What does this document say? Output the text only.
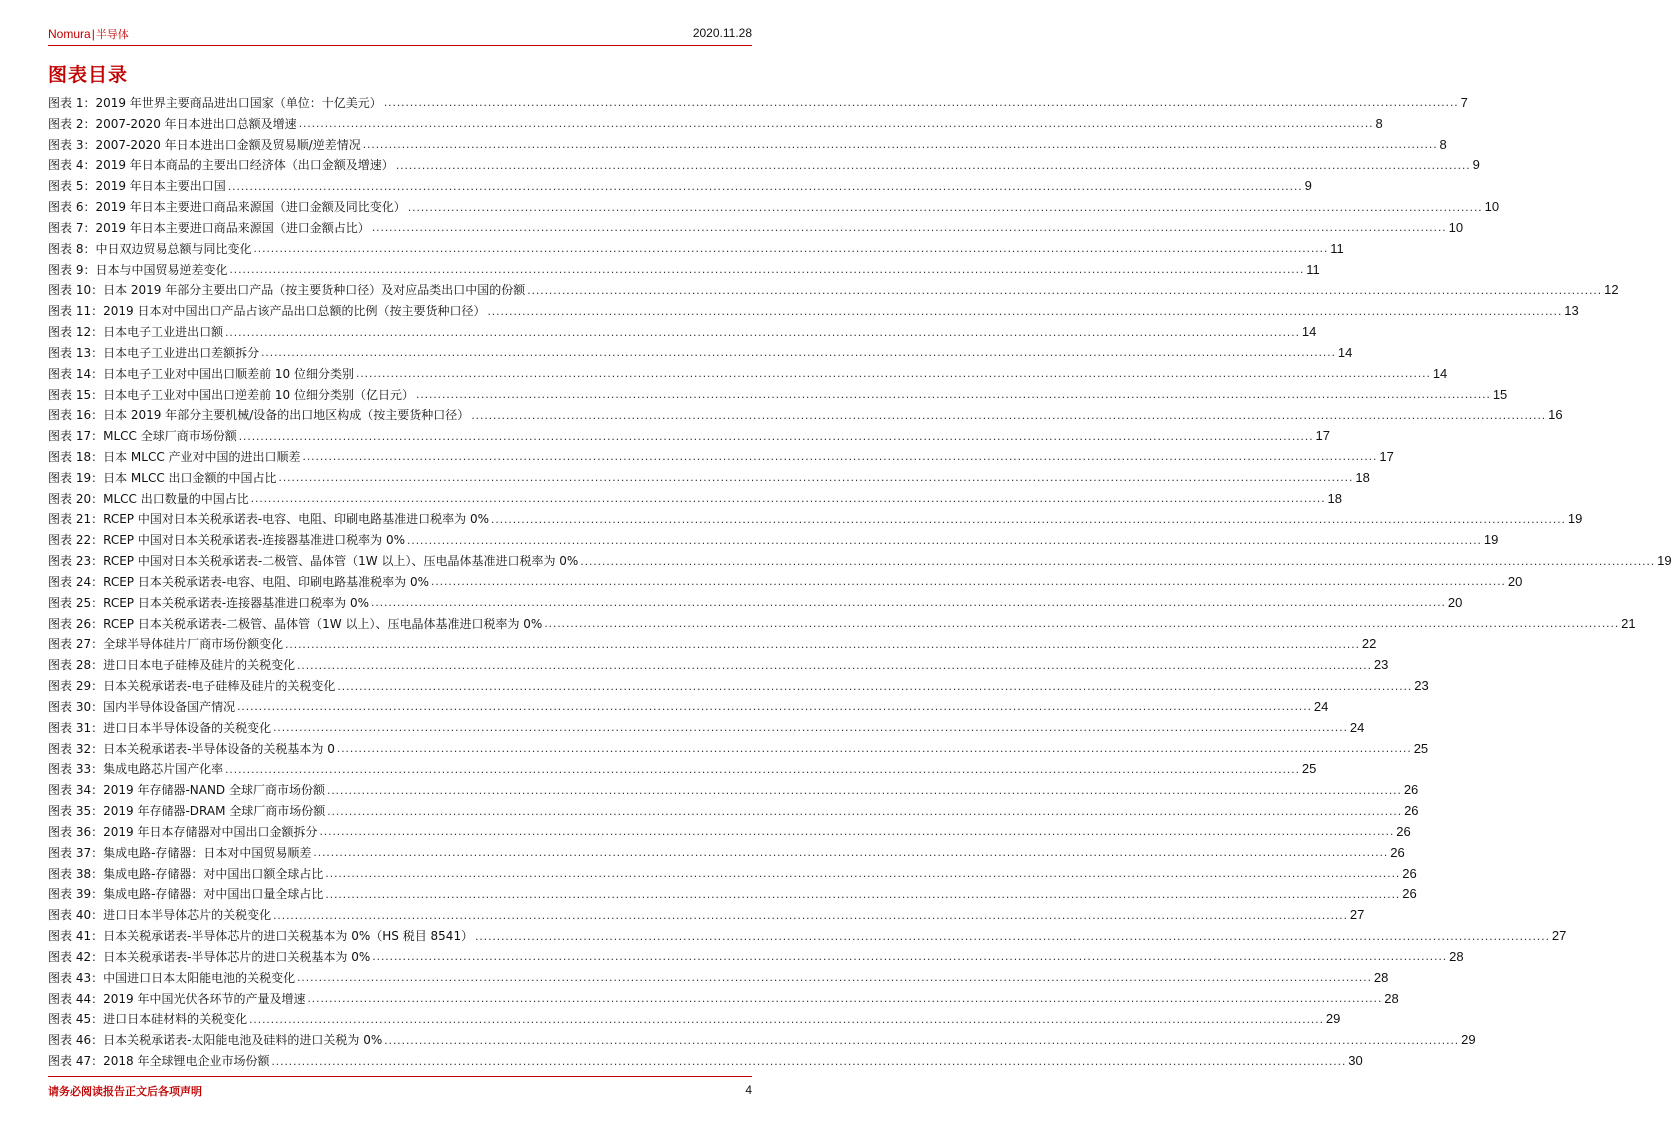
Nomura|半导体	2020.11.28
图表目录
图表 1：2019 年世界主要商品进出口国家（单位：十亿美元） .....	7
图表 2：2007-2020 年日本进出口总额及增速 .....	8
图表 3：2007-2020 年日本进出口金额及贸易顺/逆差情况 .....	8
图表 4：2019 年日本商品的主要出口经济体（出口金额及增速） .....	9
图表 5：2019 年日本主要出口国 .....	9
图表 6：2019 年日本主要进口商品来源国（进口金额及同比变化） .....	10
图表 7：2019 年日本主要进口商品来源国（进口金额占比） .....	10
图表 8：中日双边贸易总额与同比变化 .....	11
图表 9：日本与中国贸易逆差变化 .....	11
图表 10：日本 2019 年部分主要出口产品（按主要货种口径）及对应品类出口中国的份额 .....	12
图表 11：2019 日本对中国出口产品占该产品出口总额的比例（按主要货种口径） .....	13
图表 12：日本电子工业进出口额 .....	14
图表 13：日本电子工业进出口差额拆分 .....	14
图表 14：日本电子工业对中国出口顺差前 10 位细分类别 .....	14
图表 15：日本电子工业对中国出口逆差前 10 位细分类别（亿日元） .....	15
图表 16：日本 2019 年部分主要机械/设备的出口地区构成（按主要货种口径） .....	16
图表 17：MLCC 全球厂商市场份额 .....	17
图表 18：日本 MLCC 产业对中国的进出口顺差 .....	17
图表 19：日本 MLCC 出口金额的中国占比 .....	18
图表 20：MLCC 出口数量的中国占比 .....	18
图表 21：RCEP 中国对日本关税承诺表-电容、电阻、印刷电路基准进口税率为 0% .....	19
图表 22：RCEP 中国对日本关税承诺表-连接器基准进口税率为 0% .....	19
图表 23：RCEP 中国对日本关税承诺表-二极管、晶体管（1W 以上）、压电晶体基准进口税率为 0% .....	19
图表 24：RCEP 日本关税承诺表-电容、电阻、印刷电路基准税率为 0% .....	20
图表 25：RCEP 日本关税承诺表-连接器基准进口税率为 0% .....	20
图表 26：RCEP 日本关税承诺表-二极管、晶体管（1W 以上）、压电晶体基准进口税率为 0% .....	21
图表 27：全球半导体硅片厂商市场份额变化 .....	22
图表 28：进口日本电子硅棒及硅片的关税变化 .....	23
图表 29：日本关税承诺表-电子硅棒及硅片的关税变化 .....	23
图表 30：国内半导体设备国产情况 .....	24
图表 31：进口日本半导体设备的关税变化 .....	24
图表 32：日本关税承诺表-半导体设备的关税基本为 0 .....	25
图表 33：集成电路芯片国产化率 .....	25
图表 34：2019 年存储器-NAND 全球厂商市场份额 .....	26
图表 35：2019 年存储器-DRAM 全球厂商市场份额 .....	26
图表 36：2019 年日本存储器对中国出口金额拆分 .....	26
图表 37：集成电路-存储器：日本对中国贸易顺差 .....	26
图表 38：集成电路-存储器：对中国出口额全球占比 .....	26
图表 39：集成电路-存储器：对中国出口量全球占比 .....	26
图表 40：进口日本半导体芯片的关税变化 .....	27
图表 41：日本关税承诺表-半导体芯片的进口关税基本为 0%（HS 税目 8541） .....	27
图表 42：日本关税承诺表-半导体芯片的进口关税基本为 0% .....	28
图表 43：中国进口日本太阳能电池的关税变化 .....	28
图表 44：2019 年中国光伏各环节的产量及增速 .....	28
图表 45：进口日本硅材料的关税变化 .....	29
图表 46：日本关税承诺表-太阳能电池及硅料的进口关税为 0% .....	29
图表 47：2018 年全球锂电企业市场份额 .....	30
请务必阅读报告正文后各项声明	4
